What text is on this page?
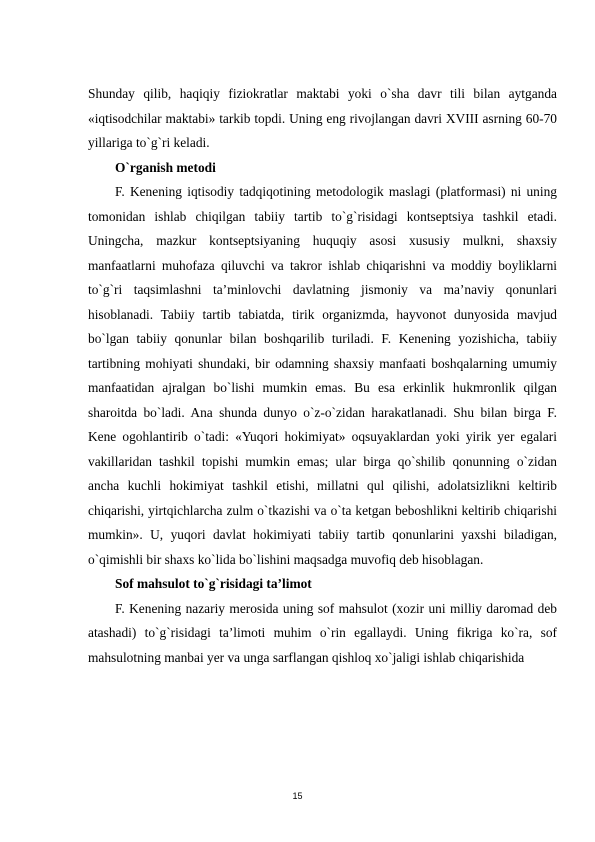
Shunday qilib, haqiqiy fiziokratlar maktabi yoki o`sha davr tili bilan aytganda «iqtisodchilar maktabi» tarkib topdi. Uning eng rivojlangan davri XVIII asrning 60-70 yillariga to`g`ri keladi.

O`rganish metodi

F. Kenening iqtisodiy tadqiqotining metodologik maslagi (platformasi) ni uning tomonidan ishlab chiqilgan tabiiy tartib to`g`risidagi kontseptsiya tashkil etadi. Uningcha, mazkur kontseptsiyaning huquqiy asosi xususiy mulkni, shaxsiy manfaatlarni muhofaza qiluvchi va takror ishlab chiqarishni va moddiy boyliklarni to`g`ri taqsimlashni ta’minlovchi davlatning jismoniy va ma’naviy qonunlari hisoblanadi. Tabiiy tartib tabiatda, tirik organizmda, hayvonot dunyosida mavjud bo`lgan tabiiy qonunlar bilan boshqarilib turiladi. F. Kenening yozishicha, tabiiy tartibning mohiyati shundaki, bir odamning shaxsiy manfaati boshqalarning umumiy manfaatidan ajralgan bo`lishi mumkin emas. Bu esa erkinlik hukmronlik qilgan sharoitda bo`ladi. Ana shunda dunyo o`z-o`zidan harakatlanadi. Shu bilan birga F. Kene ogohlantirib o`tadi: «Yuqori hokimiyat» oqsuyaklardan yoki yirik yer egalari vakillaridan tashkil topishi mumkin emas; ular birga qo`shilib qonunning o`zidan ancha kuchli hokimiyat tashkil etishi, millatni qul qilishi, adolatsizlikni keltirib chiqarishi, yirtqichlarcha zulm o`tkazishi va o`ta ketgan beboshlikni keltirib chiqarishi mumkin». U, yuqori davlat hokimiyati tabiiy tartib qonunlarini yaxshi biladigan, o`qimishli bir shaxs ko`lida bo`lishini maqsadga muvofiq deb hisoblagan.

Sof mahsulot to`g`risidagi ta’limot

F. Kenening nazariy merosida uning sof mahsulot (xozir uni milliy daromad deb atashadi) to`g`risidagi ta’limoti muhim o`rin egallaydi. Uning fikriga ko`ra, sof mahsulotning manbai yer va unga sarflangan qishloq xo`jaligi ishlab chiqarishida

15
